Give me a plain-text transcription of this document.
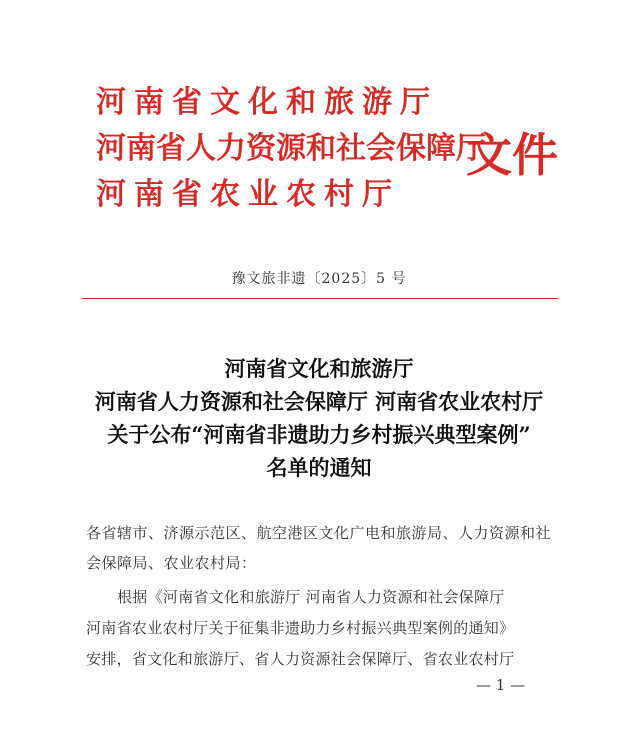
河南省文化和旅游厅
河南省人力资源和社会保障厅
河南省农业农村厅
文件
豫文旅非遗〔2025〕5 号
河南省文化和旅游厅
河南省人力资源和社会保障厅 河南省农业农村厅
关于公布“河南省非遗助力乡村振兴典型案例”
名单的通知
各省辖市、济源示范区、航空港区文化广电和旅游局、人力资源和社会保障局、农业农村局：
根据《河南省文化和旅游厅 河南省人力资源和社会保障厅
河南省农业农村厅关于征集非遗助力乡村振兴典型案例的通知》
安排，省文化和旅游厅、省人力资源社会保障厅、省农业农村厅
— 1 —
